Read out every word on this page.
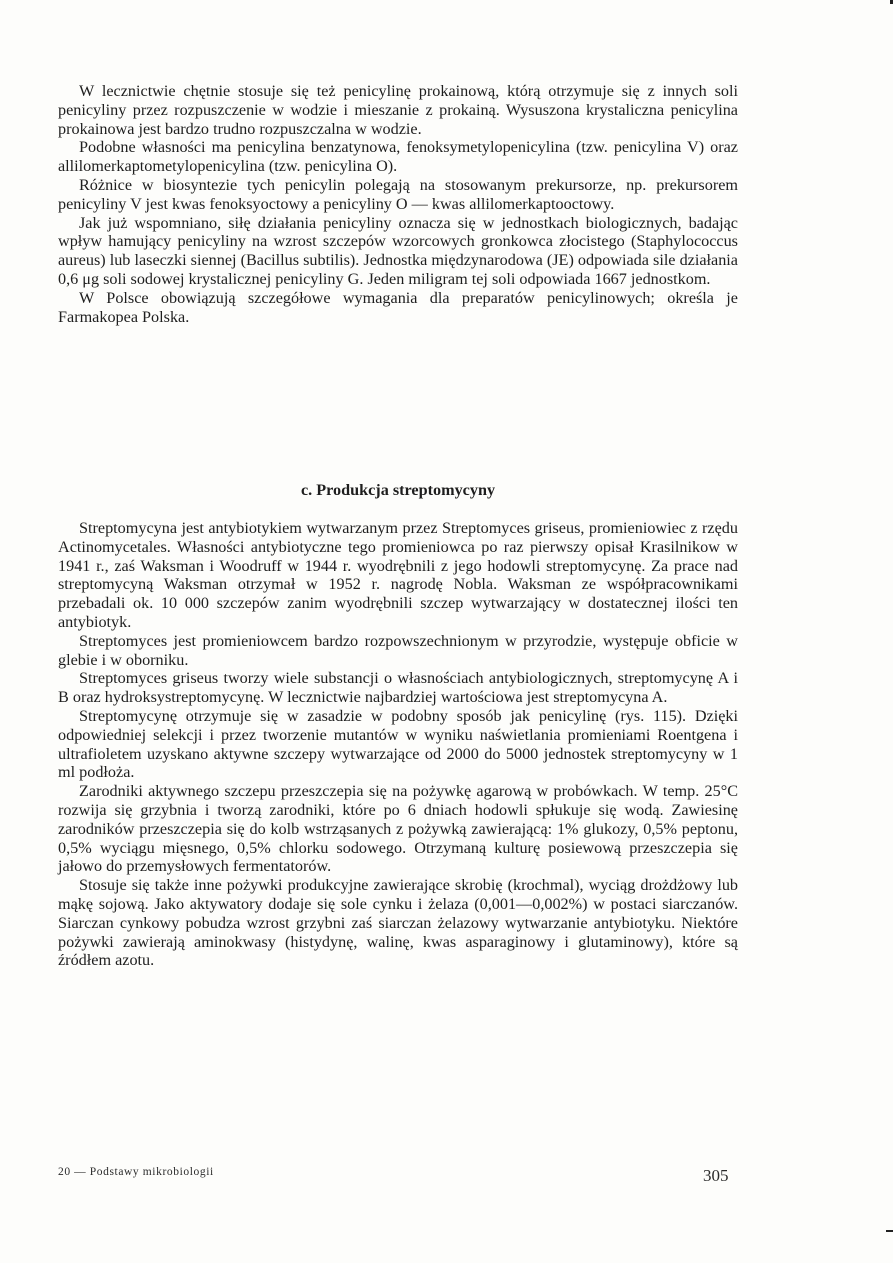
W lecznictwie chętnie stosuje się też penicylinę prokainową, którą otrzymuje się z innych soli penicyliny przez rozpuszczenie w wodzie i mieszanie z prokainą. Wysuszona krystaliczna penicylina prokainowa jest bardzo trudno rozpuszczalna w wodzie.

Podobne własności ma penicylina benzatynowa, fenoksymetylopenicylina (tzw. penicylina V) oraz allilomerkaptometylopenicylina (tzw. penicylina O).

Różnice w biosyntezie tych penicylin polegają na stosowanym prekursorze, np. prekursorem penicyliny V jest kwas fenoksyoctowy a penicyliny O — kwas allilomerkaptooctowy.

Jak już wspomniano, siłę działania penicyliny oznacza się w jednostkach biologicznych, badając wpływ hamujący penicyliny na wzrost szczepów wzorcowych gronkowca złocistego (Staphylococcus aureus) lub laseczki siennej (Bacillus subtilis). Jednostka międzynarodowa (JE) odpowiada sile działania 0,6 μg soli sodowej krystalicznej penicyliny G. Jeden miligram tej soli odpowiada 1667 jednostkom.

W Polsce obowiązują szczegółowe wymagania dla preparatów penicylinowych; określa je Farmakopea Polska.

c. Produkcja streptomycyny

Streptomycyna jest antybiotykiem wytwarzanym przez Streptomyces griseus, promieniowiec z rzędu Actinomycetales. Własności antybiotyczne tego promieniowca po raz pierwszy opisał Krasilnikow w 1941 r., zaś Waksman i Woodruff w 1944 r. wyodrębnili z jego hodowli streptomycynę. Za prace nad streptomycyną Waksman otrzymał w 1952 r. nagrodę Nobla. Waksman ze współpracownikami przebadali ok. 10 000 szczepów zanim wyodrębnili szczep wytwarzający w dostatecznej ilości ten antybiotyk.

Streptomyces jest promieniowcem bardzo rozpowszechnionym w przyrodzie, występuje obficie w glebie i w oborniku.

Streptomyces griseus tworzy wiele substancji o własnościach antybiologicznych, streptomycynę A i B oraz hydroksystreptomycynę. W lecznictwie najbardziej wartościowa jest streptomycyna A.

Streptomycynę otrzymuje się w zasadzie w podobny sposób jak penicylinę (rys. 115). Dzięki odpowiedniej selekcji i przez tworzenie mutantów w wyniku naświetlania promieniami Roentgena i ultrafioletem uzyskano aktywne szczepy wytwarzające od 2000 do 5000 jednostek streptomycyny w 1 ml podłoża.

Zarodniki aktywnego szczepu przeszczepia się na pożywkę agarową w probówkach. W temp. 25°C rozwija się grzybnia i tworzą zarodniki, które po 6 dniach hodowli spłukuje się wodą. Zawiesinę zarodników przeszczepia się do kolb wstrząsanych z pożywką zawierającą: 1% glukozy, 0,5% peptonu, 0,5% wyciągu mięsnego, 0,5% chlorku sodowego. Otrzymaną kulturę posiewową przeszczepia się jałowo do przemysłowych fermentatorów.

Stosuje się także inne pożywki produkcyjne zawierające skrobię (krochmal), wyciąg drożdżowy lub mąkę sojową. Jako aktywatory dodaje się sole cynku i żelaza (0,001—0,002%) w postaci siarczanów. Siarczan cynkowy pobudza wzrost grzybni zaś siarczan żelazowy wytwarzanie antybiotyku. Niektóre pożywki zawierają aminokwasy (histydynę, walinę, kwas asparaginowy i glutaminowy), które są źródłem azotu.

20 — Podstawy mikrobiologii	305
